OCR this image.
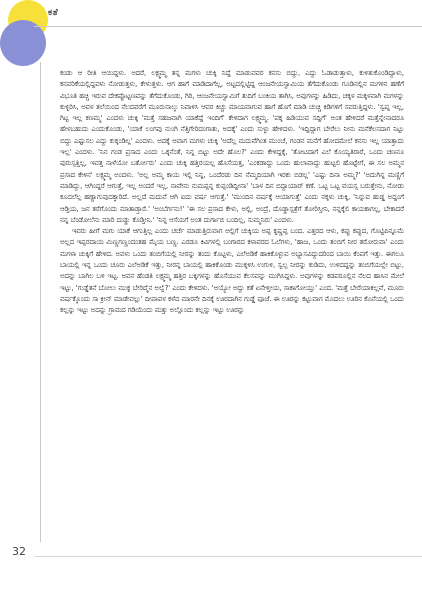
ಕತೆ

ಕಂಡು ಆ ರೀತಿ ಆಯಿದ್ದಳು. ಅದರೆ, ಲಕ್ಷ್ಮಮ್ಮ ತನ್ನ ಮಗಳು ಚುಕ್ಕಿ ನಿದ್ದೆ ಮಾಡುವವರ ಕನಸು ಬಿದ್ದು, ಎದ್ದು ಓಡಾಡುತ್ತಾಳು, ಕುಳಿತುಕೊಂಡಿದ್ದಾಳು, ಕನವರಿಕೆಯಲ್ಲಿದ್ದವಳು ನೋಡುತ್ತಳು, ಕೇಳುತ್ತಳು. ಆಗ ಹಾಗೆ ಮಾಡಿದಾಗೆಲ್ಲ, ಅಟ್ಟದಲ್ಲಿಟ್ಟಿದ್ದ ಆಂಜನೇಯಸ್ವಾಮಿಯ ತೆಗೆದುಕೊಂಡು ಗೂಡಿನಲ್ಲಿನ ಮಗಳಿನ ಹಣೆಗೆ ವಿಭೂತಿ ಹಚ್ಚಿ ಇರುವ ದೇಕಪ್ಪೊಟ್ಟಣವನ್ನು ತೆಗೆದುಕೊಂಡು, ಗಿರಿ, ಆಂಜನೇಯಸ್ವಾಮಿಗೆ ತುದಿಗೆ ಬಂಕಿಯ ತಾಗಿಸಿ, ಅವುಗಳನ್ನು ಹಿಡಿದು, ಚಕ್ಕಳ ಮಕ್ಕಳವಾಗಿ ಮಗಳನ್ನು ಕುಳ್ಳಿರಿಸಿ, ಅವಳ ತಲೆಯಿಂದ ನೆಲದವರೆಗೆ ಮೂರುನಾಲ್ಕು ನಿವಾಳಿಸಿ ಆವರ ಕಿಚ್ಚು ಮಾಯವಾಗುವ ಹಾಗೆ ಹೊಗೆ ಮಾಡಿ ಚುಚ್ಚಿ ಕಿಡಿಗಳಿಗೆ ಸವರುತ್ತಿದ್ದಳು. 'ಸ್ವಪ್ನ ಇಲ್ಲ, ಗಿಟ್ಟ ಇಲ್ಲ ಕಣಮ್ಮ' ಎಂದಳು ಚುಕ್ಕಿ 'ಮತ್ತೆ ಸಹಜವಾಗಿ ಯಾಕೆದ್ದೆ ಇಂದಿಗೆ' ಕೇಳಿದಾಗ ಲಕ್ಷ್ಮಮ್ಮ. 'ಪಕ್ಕ ಹಿಡಿಯುವ ಸದ್ದಿಗೆ' ಅಂತ ಹೇಳಿದರೆ ಮತ್ತೆನ್ನೇನಾದರೂ ಹೇಳಬಹುದು ಎಂದುಕೊಂಡು, 'ಯಾಕೆ ಲಂಗವು ನುಂಗಿ ನೆತ್ತಿಗೇರಿದಂಗಾತು, ಅದಕ್ಕೆ' ಎಂದು ಸುಳ್ಳು ಹೇಳಿದಳು. 'ಇದ್ದಿದ್ದಾಗ ಬೇರೆಲು ನೀನು ಮನೆಕೆಲಸದಾಗ ನಿಟ್ಟು ಬಿದ್ದು ಎಷ್ಟುಸಲ ಎದ್ದು ಕುಕ್ಕಂಡಿಲ್ಲ' ಎಂದಳು. ಅದಕ್ಕೆ ಆವಾಗ ಮಗಳು ಚುಕ್ಕಿ 'ಅದೆಲ್ಲ ಮದುವೆಗಿಂತ ಮುಂಚೆ, ಗಂಡನ ಮನೆಗೆ ಹೋದಮೇಲೆ ಕನಸು ಇಲ್ಲ ಯಾತ್ತಾದು ಇಲ್ಲ' ಎಂದಳು. 'ನಿನ ಗಂಡ ಪ್ರಸಾದ ಎಂದು ಒಕ್ಕನೆಂತೆ, ನಿನ್ನ ಬಿಟ್ಟು ಅದೇ ಹೊಲ?' ಎಂದು ಕೇಳಿದ್ದಕ್ಕೆ, 'ತೋಟದಾಗೆ ಎಲೆ ಕೊಯ್ಯತಿರಾರೆ, ಒಂದು ಚಣನೂ ಪುರುಸ್ಸತ್ತಿಲ್ಲ, ಇವತ್ತ ನಾಳೆಯೋ ಬರ್ತೋರು' ಎಂದು ಚುಕ್ಕಿ ಹತ್ತಿರಯಲ್ಲ ಹೊಸೆಯತ್ತ, 'ಎಂಕಡಾದ್ದು ಒಂದು ಹುಲಾವಾದ್ದು ಹುಟ್ಟಲಿ ಹೊಟ್ಟೇಗೆ, ಈ ಸಲ ಅಮ್ಮನ ಪ್ರಸಾದ ಕೇಳಿನ' ಲಕ್ಷ್ಮಮ್ಮ ಅಂದಳು. 'ಅಲ್ಲ ಅಮ್ಮ ಕಾಯ ಇಲ್ಲಿ ನಿನ್ನ, ಒಂದೆರಡು ದಿನ ನೆಮ್ಮದಿಯಾಗಿ ಇರಕು ಬಿಡಲ್ಲ' 'ಎಷ್ಟು ದಿನಾ ಅಮ್ಮ?' 'ಅದುಗಿನ್ನ ಮಣ್ಣಿಗೆ ಮಾಡಿದ್ದು, ಆಗಿಂದ್ದರೆ ಆಗುತ್ತೆ, ಇಲ್ಲ ಅಂದರೆ ಇಲ್ಲ, ನಾವೇನು ನುಮಪ್ಪನ್ನ ಕುಪ್ಪಂಡಿದ್ದೀನಾ' 'ಬಾಳ ದಿನ ಬಿದ್ದಾಯಾರ್ ಕಣೆ. ಒಟ್ಟ ಒಟ್ಟ ವಯಸ್ಸ ಬರುತ್ತೇನು, ನೋಡು ಕೂದಲೆಲ್ಲ ಹಣ್ಣಾಗುವುದಕ್ಕಾರಿದೆ. ಅಲ್ಲದೆ ಮದುವೆ ಆಗಿ ಐದು ವರ್ಷ ಆಗುತ್ತೆ.' 'ಮುಂದಿನ ವರ್ಷಕ್ಕೆ ಆಯಾಗುತ್ತೆ' ಎಂದು ನಕ್ಕಳು ಚುಕ್ಕಿ, 'ನಿನ್ನುವ ಹುಡ್ಡ ಅದ್ದಂಗೆ ಆಡ್ತಿಯ, ಜನ ತರೆಗೊಂದು ಮಾತಾಡ್ತಾರೆ.' 'ಅಂಬೆರ್ಗನು!' 'ಈ ಸಲ ಪ್ರಸಾದ ಕೇಳು, ಅಲ್ಲಿ, ಅಂದ್ರೆ, ದೊಡ್ಡಾಸ್ಪತ್ರೆಗೆ ತೋರಿಸ್ತೀನಿ, ನನ್ನಕ್ಕೆಲಿ ಕಾಯಕಾಗಲ್ಲ, ಬೇಕಾದರೆ ನನ್ನ ಬೆಂಡೋಲೆನು ಮಾರಿ ದುಡ್ಡು ಕೊಡ್ತೀನಿ.' 'ನಿನ್ನ ಆಸೆಯಗೆ ಅಂತ ದುರ್ಗಾಬಿ ಬಂದಿಲ್ಲ, ಸುಮ್ಮನಿರು' ಎಂದಳು.

ಇವರು ಹೀಗೆ ಮಗು ಯಾಕೆ ಆಗುತ್ತಿಲ್ಲ ಎಂದು ಚರ್ಚೆ ಮಾಡುತ್ತಿರುವಾಗ ಅಲ್ಲಿಗೆ ಚುಕ್ಕಿಯ ಅಪ್ಪ ಕೃಷ್ಣಪ್ಪ ಬಂದ. ಎತ್ತರದ ಆಳು, ಕಪ್ಪು ಕಪ್ಪುದ, ಗೊಟ್ಟಿಪಿನ್ನೂಮೆ ಅಲ್ಲದ ಇಪ್ಪರದಾಯ ಮಿಣ್ಣಗಣ್ಣಂದಂತಹ ಮೈಯ ಬಣ್ಣ. ಎರಡೂ ಕಿವಿಗಳಲ್ಲಿ ಬಂಗಾರದ ಕಳಾವರದ ಓಲೆಗಳು, 'ಹಾಜ, ಒಂದು ತಂಬಿಗೆ ನೀರ ತರೋರುವಾ' ಎಂದು ಮಗಳಾ ಚುಕ್ಕಿಗೆ ಹೇಳಿದ. ಅವಳು ಒಂದು ತಂಬಿಗೆಯಲ್ಲಿ ನೀರನ್ನು ತಂದು ಕೊಟ್ಟಳು, ಎಲೆಅಡಿಕೆ ಹಾಕಿಕೊಳ್ಳುವ ಅಭ್ಯಾಸವಿದ್ದುದರಿಂದ ಬಾಯಿ ಕೆಂಪಗೆ ಇತ್ತು. ಈಗಲೂ ಬಾಯಲ್ಲಿ ಇನ್ನ ಒಂದು ಚೂರು ಎಲೆಅಡಿಕೆ ಇತ್ತು, ನೀರನ್ನ ಬಾಯಲ್ಲಿ ಹಾಕಿಕೊಂಡು ಮುಕ್ಕಳಿಸಿ ಉಗುಳಿ, ಸ್ವಲ್ಪ ನೀರನ್ನು ಕುಡಿದು, ಉಳಿದದ್ದನ್ನು ತಂಬಿಗೆಯಲ್ಲೇ ಬಿಟ್ಟು, ಅದನ್ನು ಬಾಗಿಲ ಬಳಿ ಇಟ್ಟ. ಅವನ ಹೆಂಡತಿ ಲಕ್ಷ್ಮಮ್ಮ ಹತ್ತಿರ ಬಕ್ಕಿಗಳನ್ನು ಹೊಸೆಯುವ ಕೆಲಸವನ್ನು ಮುಗಿಸಿದ್ದಳು. ಅವುಗಳನ್ನು ಕಡಪರೂಲ್ಲಿನ ನೆಲದ ಹಾಸಿನ ಮೇಲೆ ಇಟ್ಟು, 'ಗುಡ್ಡೆತನೆ ಬೋಲು ಮುಕ್ಳ ಬೇರಿದ್ಮೆನ ಅಲ್ವೆ?' ಎಂದು ಕೇಳಿದಳು. 'ಅಯ್ಯೋ ಅದ್ದು ಕತೆ ಏನೇಳ್ತೀಯ, ಸಾಕಾಗೋಯ್ತು' ಎಂದ. 'ಮತ್ತೆ ಬೇರೆಯಾಕಲ್ಲವೆ, ಮೂರು ವರ್ಷಕ್ಕೊಂದು ಸಾ ಕ್ರೀನ್ ಮಾಡೇವಲ್ಲು' ದೀಪಾವಳ ಕಳೆದ ಮಾರನೇ ದಿನಕ್ಕೆ ಊರದಾಗಿನ ಗುಡ್ಡೆ ಪೂಜೆ. ಈ ಊರನ್ನು ಕಟ್ಟುವಾಗ ಮೊದಲು ಊರಿನ ಕೊನೆಯಲ್ಲಿ ಒಂದು ಕಲ್ಲನ್ನು ಇಟ್ಟು ಅದನ್ನು ಗ್ರಾಮದ ಗಡಿಯೆಂದು ಮತ್ತು ಅಲ್ಲೊಂದು ಕಲ್ಲನ್ನು ಇಟ್ಟು ಊರನ್ನು

32
